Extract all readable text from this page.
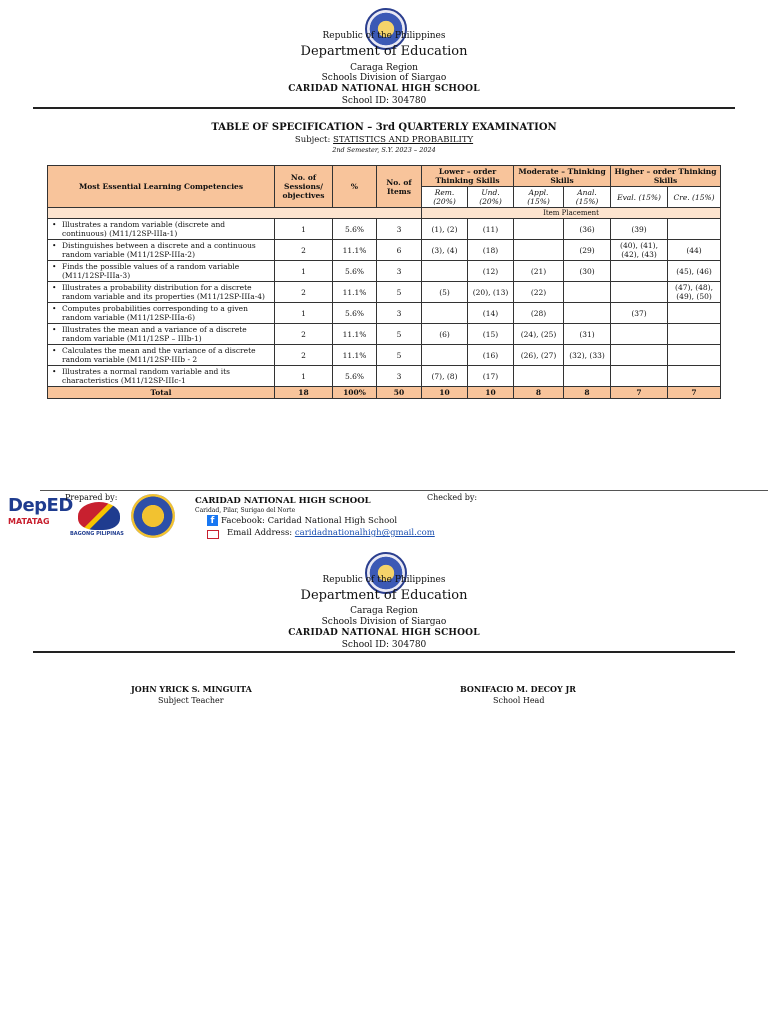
Republic of the Philippines
Department of Education
Caraga Region
Schools Division of Siargao
CARIDAD NATIONAL HIGH SCHOOL
School ID: 304780
TABLE OF SPECIFICATION – 3rd QUARTERLY EXAMINATION
Subject: STATISTICS AND PROBABILITY
2nd Semester, S.Y. 2023 – 2024
Most Essential Learning Competencies	No. of Sessions/ objectives	%	No. of Items	Lower – order Thinking Skills		Moderate – Thinking Skills		Higher – order Thinking Skills	
				Rem. (20%)	Und. (20%)	Appl. (15%)	Anal. (15%)	Eval. (15%)	Cre. (15%)
				Item Placement					
• Illustrates a random variable (discrete and continuous) (M11/12SP-IIIa-1)	1	5.6%	3	(1), (2)	(11)		(36)	(39)	
• Distinguishes between a discrete and a continuous random variable (M11/12SP-IIIa-2)	2	11.1%	6	(3), (4)	(18)		(29)	(40), (41), (42), (43)	(44)
• Finds the possible values of a random variable (M11/12SP-IIIa-3)	1	5.6%	3		(12)	(21)	(30)		(45), (46)
• Illustrates a probability distribution for a discrete random variable and its properties (M11/12SP-IIIa-4)	2	11.1%	5	(5)	(20), (13)	(22)			(47), (48), (49), (50)
• Computes probabilities corresponding to a given random variable (M11/12SP-IIIa-6)	1	5.6%	3		(14)	(28)		(37)	
• Illustrates the mean and a variance of a discrete random variable (M11/12SP – IIIb-1)	2	11.1%	5	(6)	(15)	(24), (25)	(31)		
• Calculates the mean and the variance of a discrete random variable (M11/12SP-IIIb - 2	2	11.1%	5		(16)	(26), (27)	(32), (33)		
• Illustrates a normal random variable and its characteristics (M11/12SP-IIIc-1	1	5.6%	3	(7), (8)	(17)				
Total	18	100%	50	10	10	8	8	7	7
DepED
MATATAG
Prepared by:
BAGONG PILIPINAS
CARIDAD NATIONAL HIGH SCHOOL
Caridad, Pilar, Surigao del Norte
f Facebook: Caridad National High School
Email Address: caridadnationalhigh@gmail.com
Checked by:
Republic of the Philippines
Department of Education
Caraga Region
Schools Division of Siargao
CARIDAD NATIONAL HIGH SCHOOL
School ID: 304780
JOHN YRICK S. MINGUITA
Subject Teacher
BONIFACIO M. DECOY JR
School Head
